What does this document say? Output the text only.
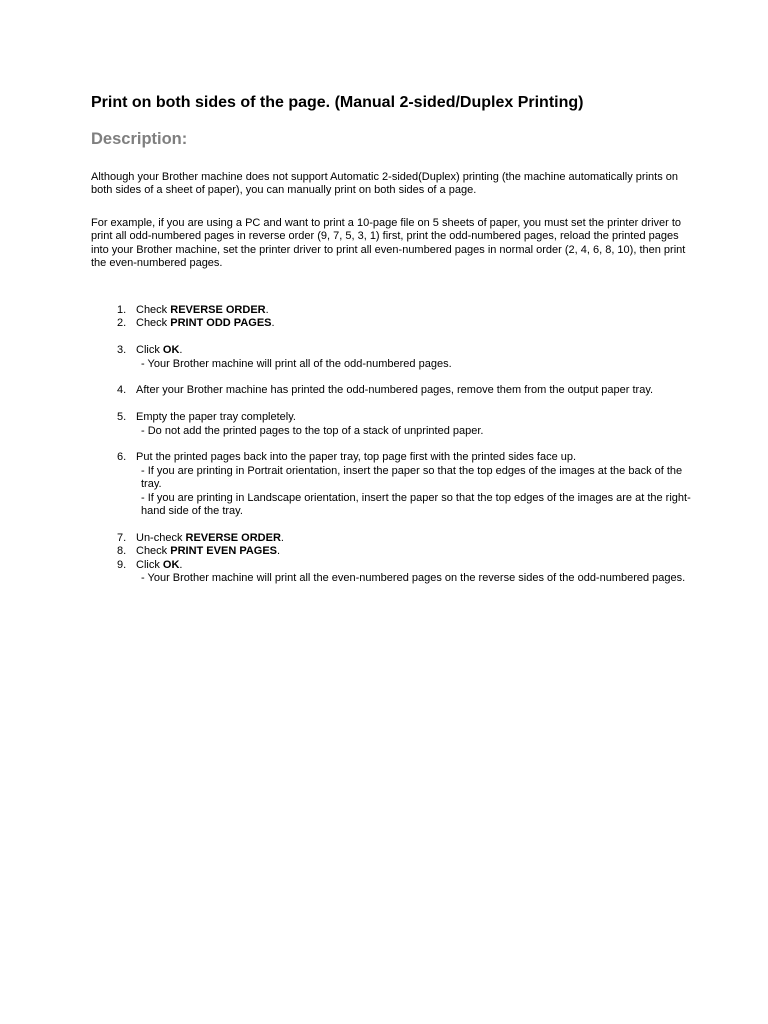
Print on both sides of the page. (Manual 2-sided/Duplex Printing)
Description:
Although your Brother machine does not support Automatic 2-sided(Duplex) printing (the machine automatically prints on both sides of a sheet of paper), you can manually print on both sides of a page.
For example, if you are using a PC and want to print a 10-page file on 5 sheets of paper, you must set the printer driver to print all odd-numbered pages in reverse order (9, 7, 5, 3, 1) first, print the odd-numbered pages, reload the printed pages into your Brother machine, set the printer driver to print all even-numbered pages in normal order (2, 4, 6, 8, 10), then print the even-numbered pages.
1. Check REVERSE ORDER.
2. Check PRINT ODD PAGES.
3. Click OK.
- Your Brother machine will print all of the odd-numbered pages.
4. After your Brother machine has printed the odd-numbered pages, remove them from the output paper tray.
5. Empty the paper tray completely.
- Do not add the printed pages to the top of a stack of unprinted paper.
6. Put the printed pages back into the paper tray, top page first with the printed sides face up.
- If you are printing in Portrait orientation, insert the paper so that the top edges of the images at the back of the tray.
- If you are printing in Landscape orientation, insert the paper so that the top edges of the images are at the right-hand side of the tray.
7. Un-check REVERSE ORDER.
8. Check PRINT EVEN PAGES.
9. Click OK.
- Your Brother machine will print all the even-numbered pages on the reverse sides of the odd-numbered pages.
